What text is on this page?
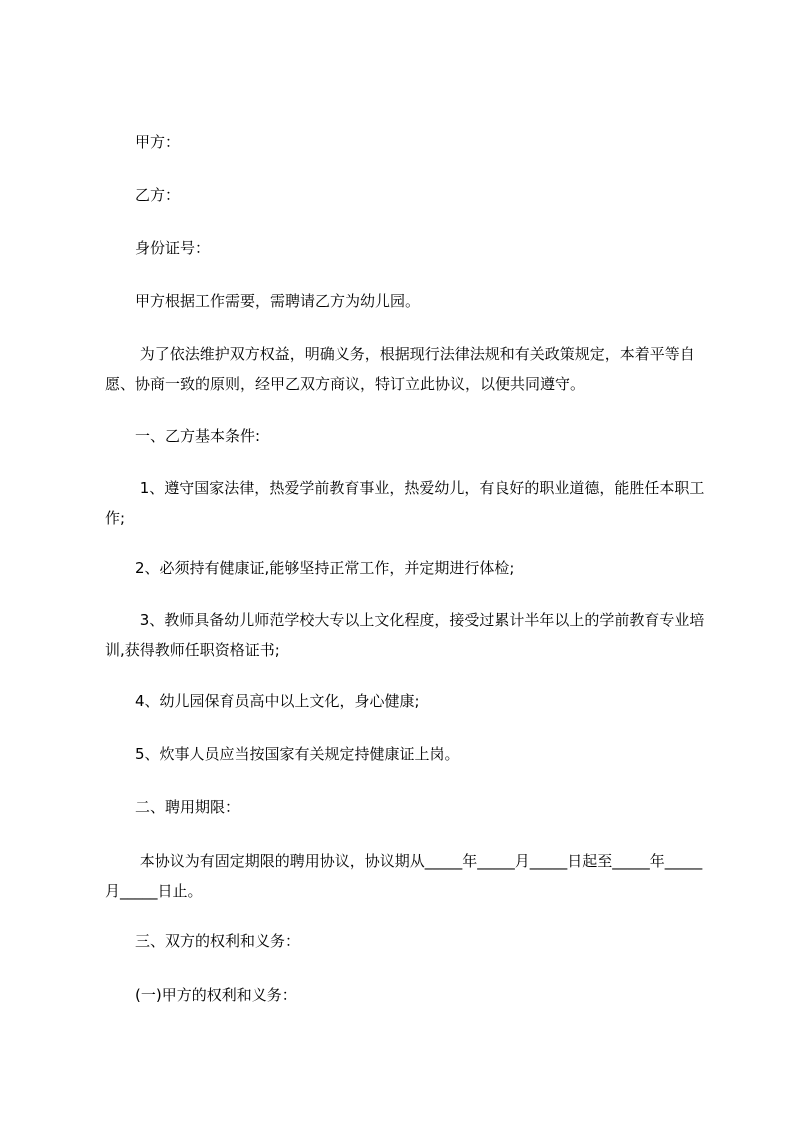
　　甲方：

　　乙方：

　　身份证号：

　　甲方根据工作需要，需聘请乙方为幼儿园。

　　 为了依法维护双方权益，明确义务，根据现行法律法规和有关政策规定，本着平等自愿、协商一致的原则，经甲乙双方商议，特订立此协议，以便共同遵守。

　　一、乙方基本条件:

　　 1、遵守国家法律，热爱学前教育事业，热爱幼儿，有良好的职业道德，能胜任本职工作;

　　2、必须持有健康证,能够坚持正常工作，并定期进行体检;

　　 3、教师具备幼儿师范学校大专以上文化程度，接受过累计半年以上的学前教育专业培训,获得教师任职资格证书;

　　4、幼儿园保育员高中以上文化，身心健康;

　　5、炊事人员应当按国家有关规定持健康证上岗。

　　二、聘用期限：

　　 本协议为有固定期限的聘用协议，协议期从_____年_____月_____日起至_____年_____月_____日止。

　　三、双方的权利和义务：

　　(一)甲方的权利和义务：
